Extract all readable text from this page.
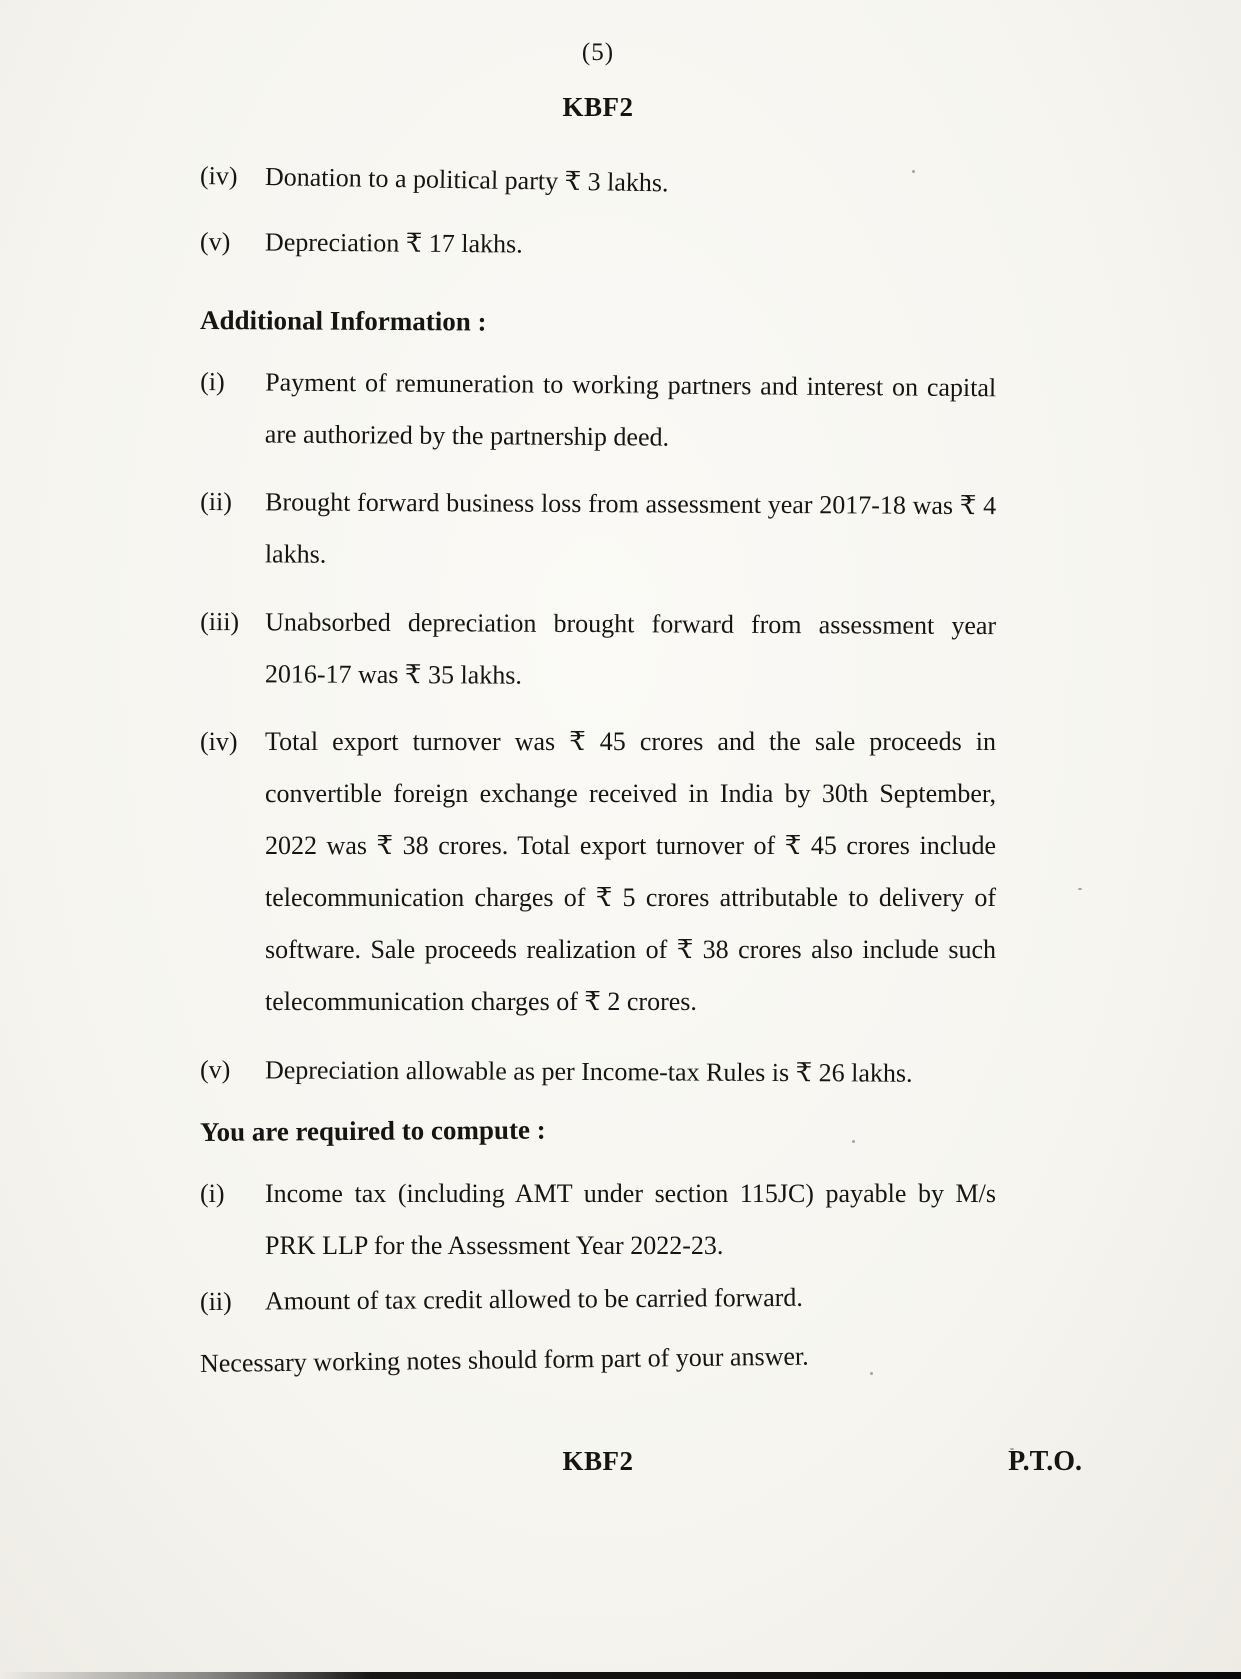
(5)
KBF2
(iv)	Donation to a political party ₹ 3 lakhs.
(v)	Depreciation ₹ 17 lakhs.
Additional Information :
(i)	Payment of remuneration to working partners and interest on capital are authorized by the partnership deed.
(ii)	Brought forward business loss from assessment year 2017-18 was ₹ 4 lakhs.
(iii) Unabsorbed depreciation brought forward from assessment year 2016-17 was ₹ 35 lakhs.
(iv)	Total export turnover was ₹ 45 crores and the sale proceeds in convertible foreign exchange received in India by 30th September, 2022 was ₹ 38 crores. Total export turnover of ₹ 45 crores include telecommunication charges of ₹ 5 crores attributable to delivery of software. Sale proceeds realization of ₹ 38 crores also include such telecommunication charges of ₹ 2 crores.
(v)	Depreciation allowable as per Income-tax Rules is ₹ 26 lakhs.
You are required to compute :
(i)	Income tax (including AMT under section 115JC) payable by M/s PRK LLP for the Assessment Year 2022-23.
(ii)	Amount of tax credit allowed to be carried forward.
Necessary working notes should form part of your answer.
KBF2	P.T.O.
